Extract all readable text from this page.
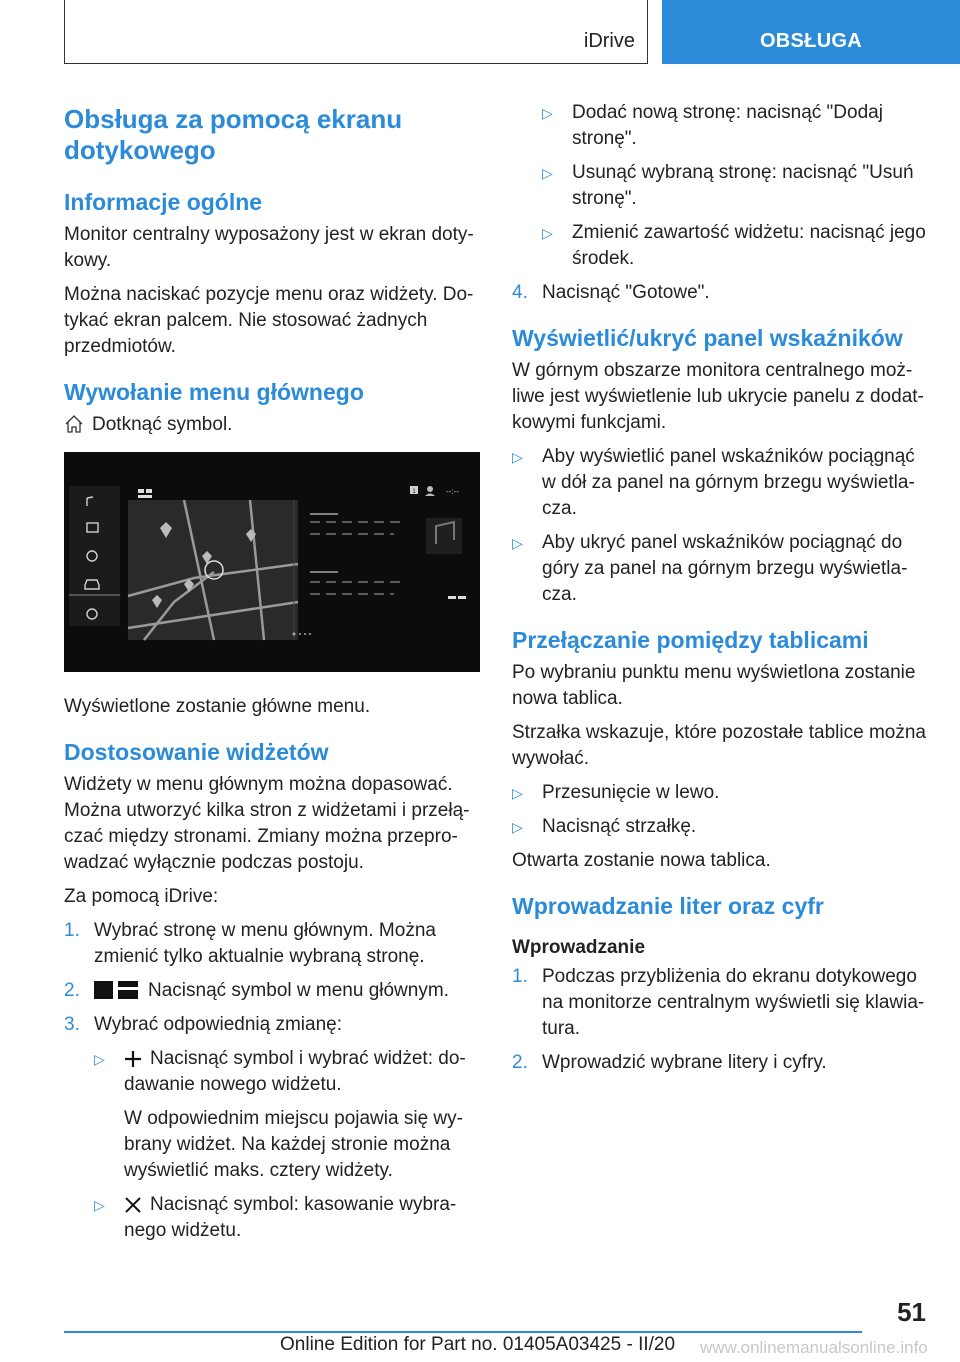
iDrive	OBSŁUGA
Obsługa za pomocą ekranu dotykowego
Informacje ogólne

Monitor centralny wyposażony jest w ekran doty-kowy.

Można naciskać pozycje menu oraz widżety. Do-tykać ekran palcem. Nie stosować żadnych przedmiotów.

Wywołanie menu głównego
Dotknąć symbol.
1	--:--

Wyświetlone zostanie główne menu.

Dostosowanie widżetów

Widżety w menu głównym można dopasować. Można utworzyć kilka stron z widżetami i przełą-czać między stronami. Zmiany można przepro-wadzać wyłącznie podczas postoju.

Za pomocą iDrive:

1. Wybrać stronę w menu głównym. Można zmienić tylko aktualnie wybraną stronę.
2.	Nacisnąć symbol w menu głównym.
3. Wybrać odpowiednią zmianę:
▷ Nacisnąć symbol i wybrać widżet: do-dawanie nowego widżetu.
W odpowiednim miejscu pojawia się wy-brany widżet. Na każdej stronie można wyświetlić maks. cztery widżety.
▷ Nacisnąć symbol: kasowanie wybra-nego widżetu.
▷ Dodać nową stronę: nacisnąć "Dodaj stronę".
▷ Usunąć wybraną stronę: nacisnąć "Usuń stronę".
▷ Zmienić zawartość widżetu: nacisnąć jego środek.
4. Nacisnąć "Gotowe".
Wyświetlić/ukryć panel wskaźników

W górnym obszarze monitora centralnego moż-liwe jest wyświetlenie lub ukrycie panelu z dodat-kowymi funkcjami.

▷ Aby wyświetlić panel wskaźników pociągnąć w dół za panel na górnym brzegu wyświetla-cza.
▷ Aby ukryć panel wskaźników pociągnąć do góry za panel na górnym brzegu wyświetla-cza.
Przełączanie pomiędzy tablicami

Po wybraniu punktu menu wyświetlona zostanie nowa tablica.

Strzałka wskazuje, które pozostałe tablice można wywołać.

▷ Przesunięcie w lewo.
▷ Nacisnąć strzałkę.

Otwarta zostanie nowa tablica.

Wprowadzanie liter oraz cyfr
Wprowadzanie
1. Podczas przybliżenia do ekranu dotykowego na monitorze centralnym wyświetli się klawia-tura.
2. Wprowadzić wybrane litery i cyfry.
51
Online Edition for Part no. 01405A03425 - II/20 www.onlinemanualsonline.info
